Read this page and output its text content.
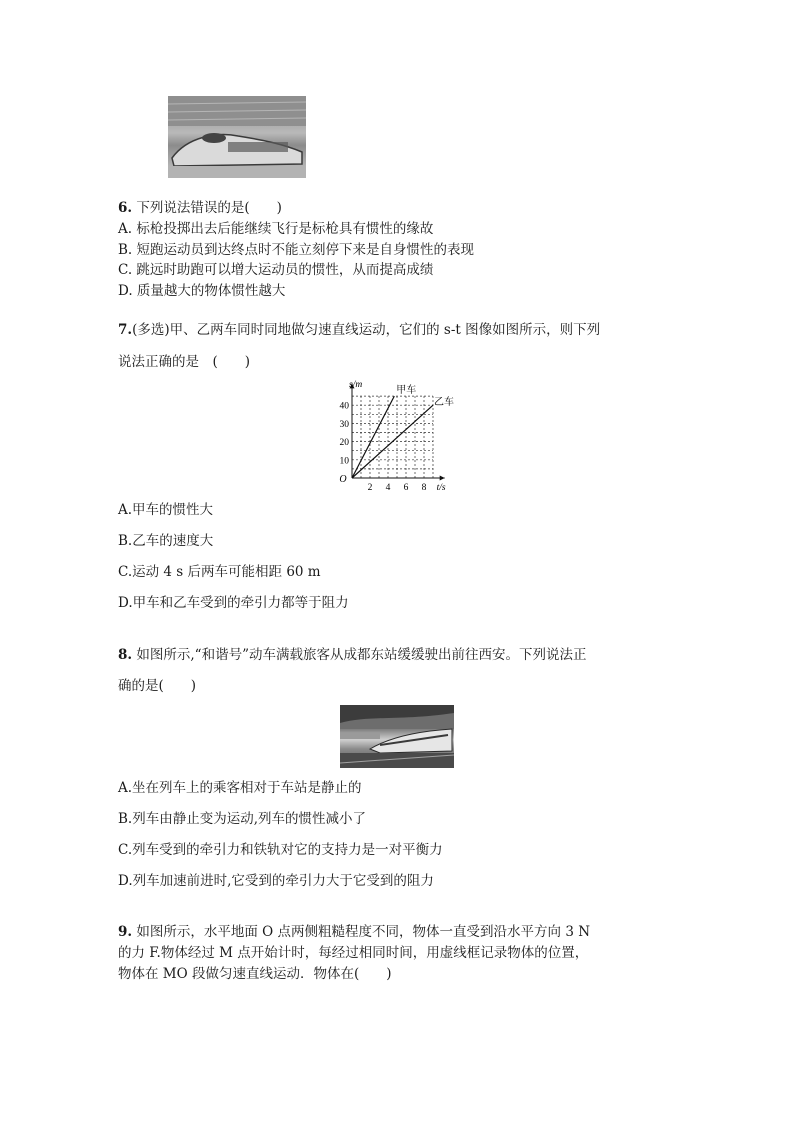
6. 下列说法错误的是(　　)
A. 标枪投掷出去后能继续飞行是标枪具有惯性的缘故
B. 短跑运动员到达终点时不能立刻停下来是自身惯性的表现
C. 跳远时助跑可以增大运动员的惯性，从而提高成绩
D. 质量越大的物体惯性越大
7.(多选)甲、乙两车同时同地做匀速直线运动，它们的 s-t 图像如图所示，则下列
说法正确的是　(　　)
2 4 6 8
10
20
30
40
O
s/m
t/s
甲车
乙车
A.甲车的惯性大
B.乙车的速度大
C.运动 4 s 后两车可能相距 60 m
D.甲车和乙车受到的牵引力都等于阻力
8. 如图所示,“和谐号”动车满载旅客从成都东站缓缓驶出前往西安。下列说法正
确的是(　　)
A.坐在列车上的乘客相对于车站是静止的
B.列车由静止变为运动,列车的惯性减小了
C.列车受到的牵引力和铁轨对它的支持力是一对平衡力
D.列车加速前进时,它受到的牵引力大于它受到的阻力
9. 如图所示，水平地面 O 点两侧粗糙程度不同，物体一直受到沿水平方向 3 N
的力 F.物体经过 M 点开始计时，每经过相同时间，用虚线框记录物体的位置，
物体在 MO 段做匀速直线运动．物体在(　　)
